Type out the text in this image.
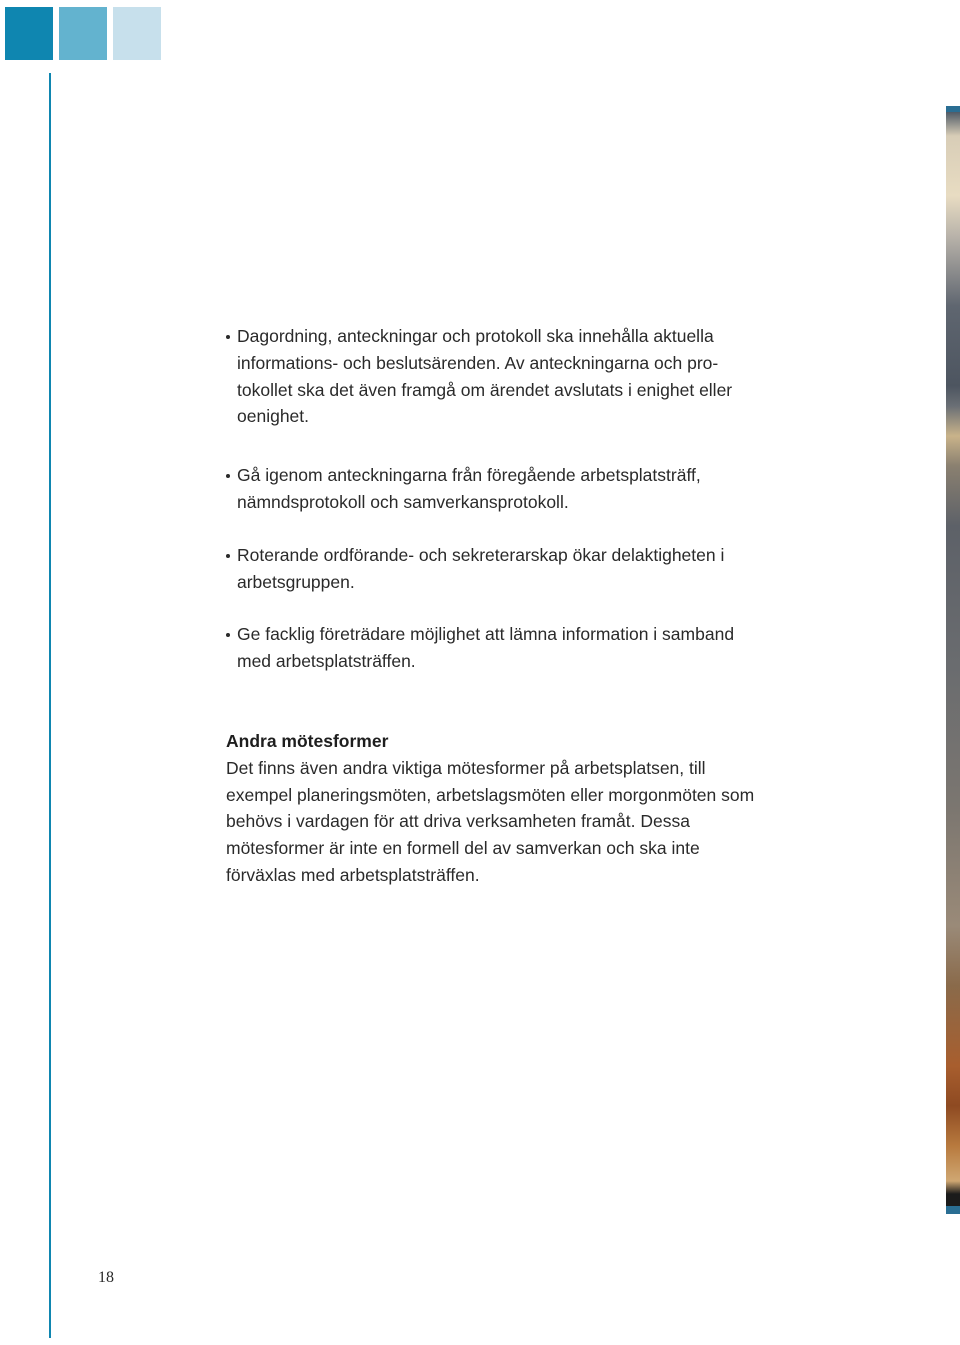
Dagordning, anteckningar och protokoll ska innehålla aktuella informations- och beslutsärenden. Av anteckningarna och protokollet ska det även framgå om ärendet avslutats i enighet eller oenighet.
Gå igenom anteckningarna från föregående arbetsplatsträff, nämndsprotokoll och samverkansprotokoll.
Roterande ordförande- och sekreterarskap ökar delaktigheten i arbetsgruppen.
Ge facklig företrädare möjlighet att lämna information i samband med arbetsplatsträffen.
Andra mötesformer

Det finns även andra viktiga mötesformer på arbetsplatsen, till exempel planeringsmöten, arbetslagsmöten eller morgonmöten som behövs i vardagen för att driva verksamheten framåt. Dessa mötesformer är inte en formell del av samverkan och ska inte förväxlas med arbetsplatsträffen.

18
